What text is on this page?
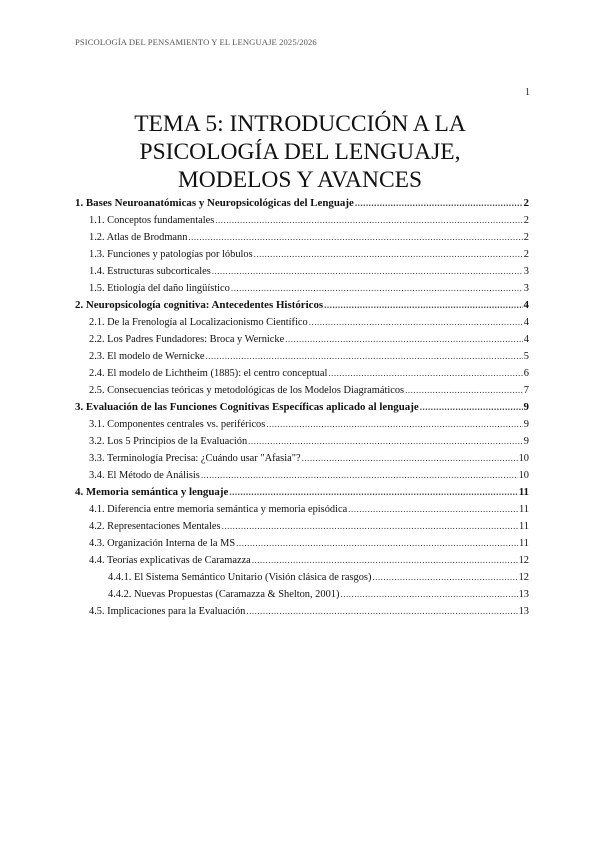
PSICOLOGÍA DEL PENSAMIENTO Y EL LENGUAJE 2025/2026
1
TEMA 5: INTRODUCCIÓN A LA
PSICOLOGÍA DEL LENGUAJE,
MODELOS Y AVANCES
1. Bases Neuroanatómicas y Neuropsicológicas del Lenguaje .....	2
1.1. Conceptos fundamentales .....	2
1.2. Atlas de Brodmann .....	2
1.3. Funciones y patologías por lóbulos .....	2
1.4. Estructuras subcorticales .....	3
1.5. Etiología del daño lingüístico .....	3
2. Neuropsicología cognitiva: Antecedentes Históricos .....	4
2.1. De la Frenología al Localizacionismo Científico .....	4
2.2. Los Padres Fundadores: Broca y Wernicke .....	4
2.3. El modelo de Wernicke .....	5
2.4. El modelo de Lichtheim (1885): el centro conceptual .....	6
2.5. Consecuencias teóricas y metodológicas de los Modelos Diagramáticos .....	7
3. Evaluación de las Funciones Cognitivas Específicas aplicado al lenguaje .....	9
3.1. Componentes centrales vs. periféricos .....	9
3.2. Los 5 Principios de la Evaluación .....	9
3.3. Terminología Precisa: ¿Cuándo usar "Afasia"? .....	10
3.4. El Método de Análisis .....	10
4. Memoria semántica y lenguaje .....	11
4.1. Diferencia entre memoria semántica y memoria episódica .....	11
4.2. Representaciones Mentales .....	11
4.3. Organización Interna de la MS .....	11
4.4. Teorías explicativas de Caramazza .....	12
4.4.1. El Sistema Semántico Unitario (Visión clásica de rasgos) .....	12
4.4.2. Nuevas Propuestas (Caramazza & Shelton, 2001) .....	13
4.5. Implicaciones para la Evaluación .....	13
